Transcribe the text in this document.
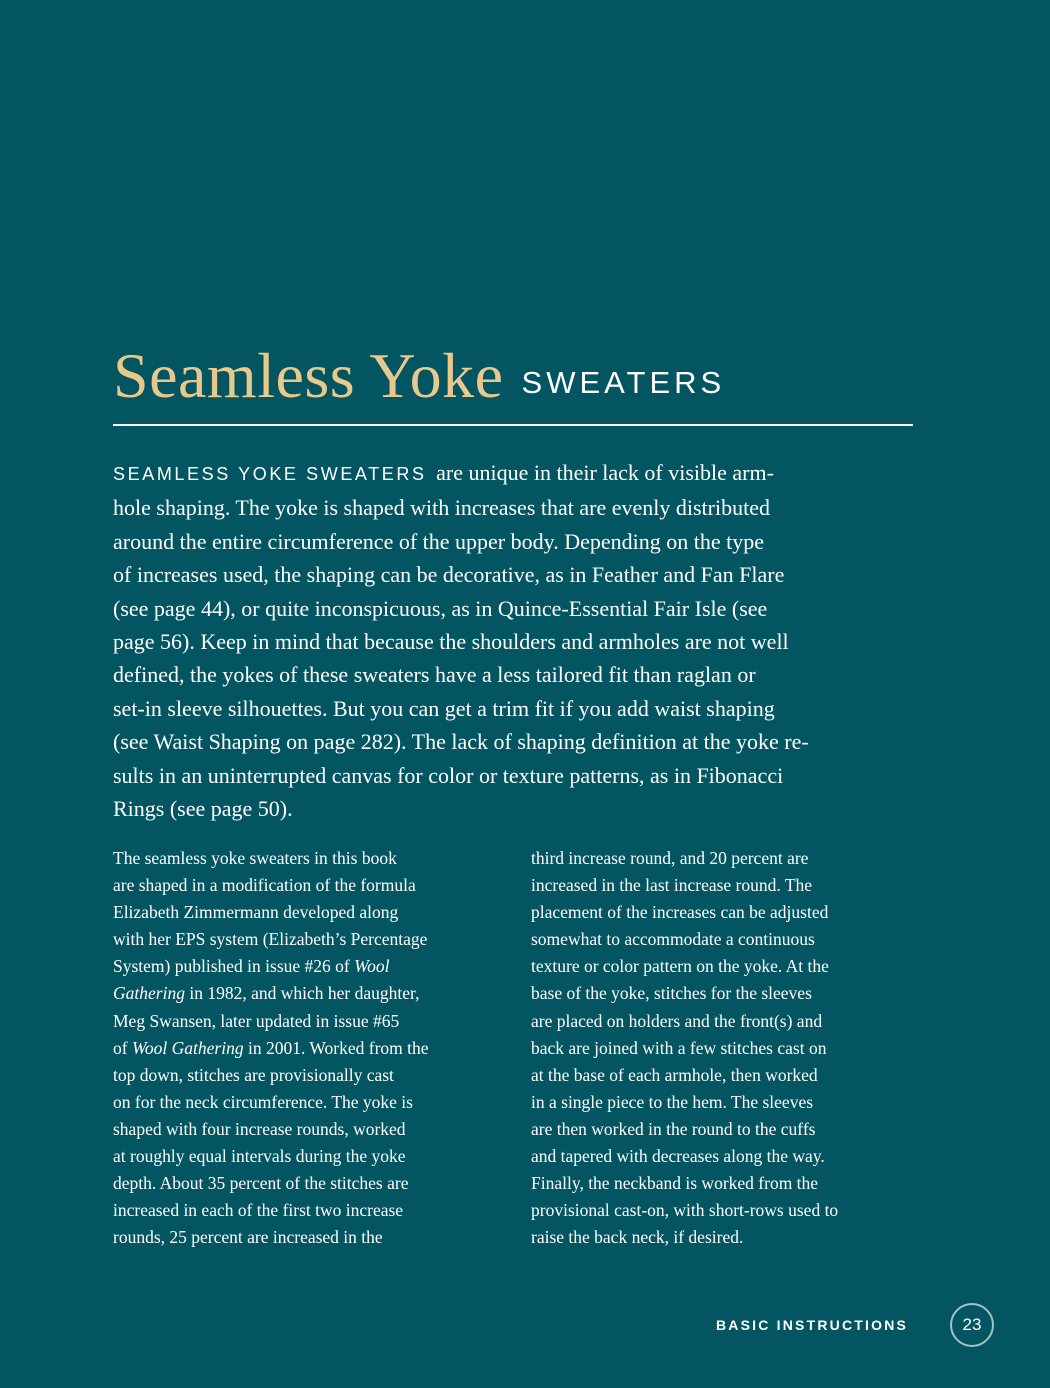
Seamless Yoke SWEATERS

SEAMLESS YOKE SWEATERS are unique in their lack of visible arm-
hole shaping. The yoke is shaped with increases that are evenly distributed
around the entire circumference of the upper body. Depending on the type
of increases used, the shaping can be decorative, as in Feather and Fan Flare
(see page 44), or quite inconspicuous, as in Quince-Essential Fair Isle (see
page 56). Keep in mind that because the shoulders and armholes are not well
defined, the yokes of these sweaters have a less tailored fit than raglan or
set-in sleeve silhouettes. But you can get a trim fit if you add waist shaping
(see Waist Shaping on page 282). The lack of shaping definition at the yoke re-
sults in an uninterrupted canvas for color or texture patterns, as in Fibonacci
Rings (see page 50).

The seamless yoke sweaters in this book
are shaped in a modification of the formula
Elizabeth Zimmermann developed along
with her EPS system (Elizabeth’s Percentage
System) published in issue #26 of Wool
Gathering in 1982, and which her daughter,
Meg Swansen, later updated in issue #65
of Wool Gathering in 2001. Worked from the
top down, stitches are provisionally cast
on for the neck circumference. The yoke is
shaped with four increase rounds, worked
at roughly equal intervals during the yoke
depth. About 35 percent of the stitches are
increased in each of the first two increase
rounds, 25 percent are increased in the

third increase round, and 20 percent are
increased in the last increase round. The
placement of the increases can be adjusted
somewhat to accommodate a continuous
texture or color pattern on the yoke. At the
base of the yoke, stitches for the sleeves
are placed on holders and the front(s) and
back are joined with a few stitches cast on
at the base of each armhole, then worked
in a single piece to the hem. The sleeves
are then worked in the round to the cuffs
and tapered with decreases along the way.
Finally, the neckband is worked from the
provisional cast-on, with short-rows used to
raise the back neck, if desired.

BASIC INSTRUCTIONS	23
